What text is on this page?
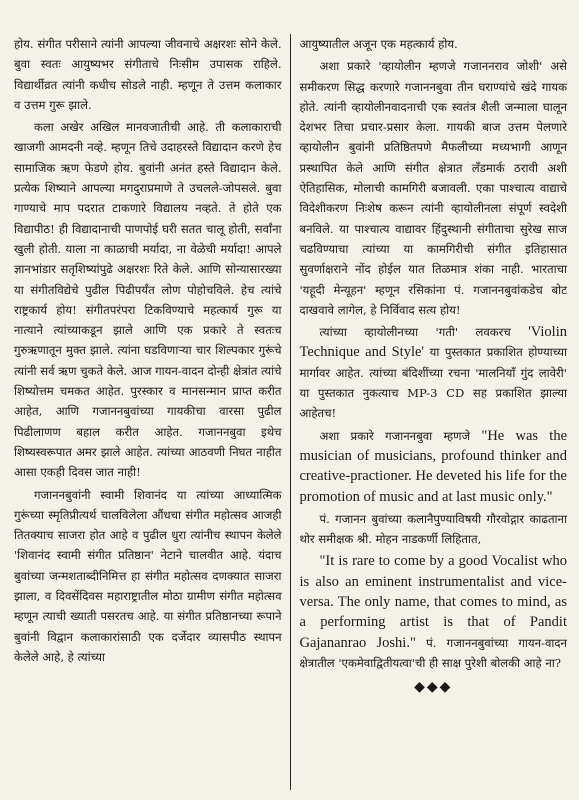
होय. संगीत परीसाने त्यांनी आपल्या जीवनाचे अक्षरशः सोने केले. बुवा स्वतः आयुष्यभर संगीताचे निःसीम उपासक राहिले. विद्यार्थीव्रत त्यांनी कधीच सोडले नाही. म्हणून ते उत्तम कलाकार व उत्तम गुरू झाले.

कला अखेर अखिल मानवजातीची आहे. ती कलाकाराची खाजगी आमदनी नव्हे. म्हणून तिचे उदाहरस्ते विद्यादान करणे हेच सामाजिक ऋण फेडणे होय. बुवांनी अनंत हस्ते विद्यादान केले. प्रत्येक शिष्याने आपल्या मगदुराप्रमाणे ते उचलले-जोपसले. बुवा गाण्याचे माप पदरात टाकणारे विद्यालय नव्हते. ते होते एक विद्यापीठ! ही विद्यादानाची पाणपोई घरी सतत चालू होती, सर्वांना खुली होती. याला ना काळाची मर्यादा, ना वेळेची मर्यादा! आपले ज्ञानभांडार सतृशिष्यांपुढे अक्षरशः रिते केले. आणि सोन्यासारख्या या संगीतविद्येचे पुढील पिढीपर्यंत लोण पोहोचविले. हेच त्यांचे राष्ट्रकार्य होय! संगीतपरंपरा टिकविण्याचे महत्कार्य गुरू या नात्याने त्यांच्याकडून झाले आणि एक प्रकारे ते स्वतःच गुरुऋणातून मुक्त झाले. त्यांना घडविणाऱ्या चार शिल्पकार गुरूंचे त्यांनी सर्व ऋण चुकते केले. आज गायन-वादन दोन्ही क्षेत्रांत त्यांचे शिष्योत्तम चमकत आहेत. पुरस्कार व मानसन्मान प्राप्त करीत आहेत, आणि गजाननबुवांच्या गायकीचा वारसा पुढील पिढीलाणण बहाल करीत आहेत. गजाननबुवा इथेच शिष्यस्वरूपात अमर झाले आहेत. त्यांच्या आठवणी निघत नाहीत आसा एकही दिवस जात नाही!

गजाननबुवांनी स्वामी शिवानंद या त्यांच्या आध्यात्मिक गुरूंच्या स्मृतिप्रीत्यर्थ चालविलेला औंधचा संगीत महोत्सव आजही तितक्याच साजरा होत आहे व पुढील धुरा त्यांनीच स्थापन केलेले 'शिवानंद स्वामी संगीत प्रतिष्ठान' नेटाने चालवीत आहे. यंदाच बुवांच्या जन्मशताब्दीनिमित्त हा संगीत महोत्सव दणक्यात साजरा झाला, व दिवसेंदिवस महाराष्ट्रातील मोठा ग्रामीण संगीत महोत्सव म्हणून त्याची ख्याती पसरतच आहे. या संगीत प्रतिष्ठानच्या रूपाने बुवांनी विद्वान कलाकारांसाठी एक दर्जेदार व्यासपीठ स्थापन केलेले आहे, हे त्यांच्या

आयुष्यातील अजून एक महत्कार्य होय.

अशा प्रकारे 'व्हायोलीन म्हणजे गजाननराव जोशी' असे समीकरण सिद्ध करणारे गजाननबुवा तीन घराण्यांचे खंदे गायक होते. त्यांनी व्हायोलीनवादनाची एक स्वतंत्र शैली जन्माला घालून देशभर तिचा प्रचार-प्रसार केला. गायकी बाज उत्तम पेलणारे व्हायोलीन बुवांनी प्रतिष्ठितपणे मैफलीच्या मध्यभागी आणून प्रस्थापित केले आणि संगीत क्षेत्रात लँडमार्क ठरावी अशी ऐतिहासिक, मोलाची कामगिरी बजावली. एका पाश्चात्य वाद्याचे विदेशीकरण निःशेष करून त्यांनी व्हायोलीनला संपूर्ण स्वदेशी बनविले. या पाश्चात्य वाद्यावर हिंदुस्थानी संगीताचा सुरेख साज चढविण्याचा त्यांच्या या कामगिरीची संगीत इतिहासात सुवर्णाक्षराने नोंद होईल यात तिळमात्र शंका नाही. भारताचा 'यहूदी मेन्यूहन' म्हणून रसिकांना पं. गजाननबुवांकडेच बोट दाखवावे लागेल, हे निर्विवाद सत्य होय!

त्यांच्या व्हायोलीनच्या 'गती' लवकरच 'Violin Technique and Style' या पुस्तकात प्रकाशित होण्याच्या मार्गावर आहेत. त्यांच्या बंदिशींच्या रचना 'मालनियाँ गुंद लावेरी' या पुस्तकात नुकत्याच MP-3 CD सह प्रकाशित झाल्या आहेतच!

अशा प्रकारे गजाननबुवा म्हणजे "He was the musician of musicians, profound thinker and creative-practioner. He deveted his life for the promotion of music and at last music only."

पं. गजानन बुवांच्या कलानैपुण्याविषयी गौरवोद्गार काढताना थोर समीक्षक श्री. मोहन नाडकर्णी लिहितात,

"It is rare to come by a good Vocalist who is also an eminent instrumentalist and vice-versa. The only name, that comes to mind, as a performing artist is that of Pandit Gajananrao Joshi." पं. गजाननबुवांच्या गायन-वादन क्षेत्रातील 'एकमेवाद्वितीयत्वा'ची ही साक्ष पुरेशी बोलकी आहे ना?

◆◆◆
